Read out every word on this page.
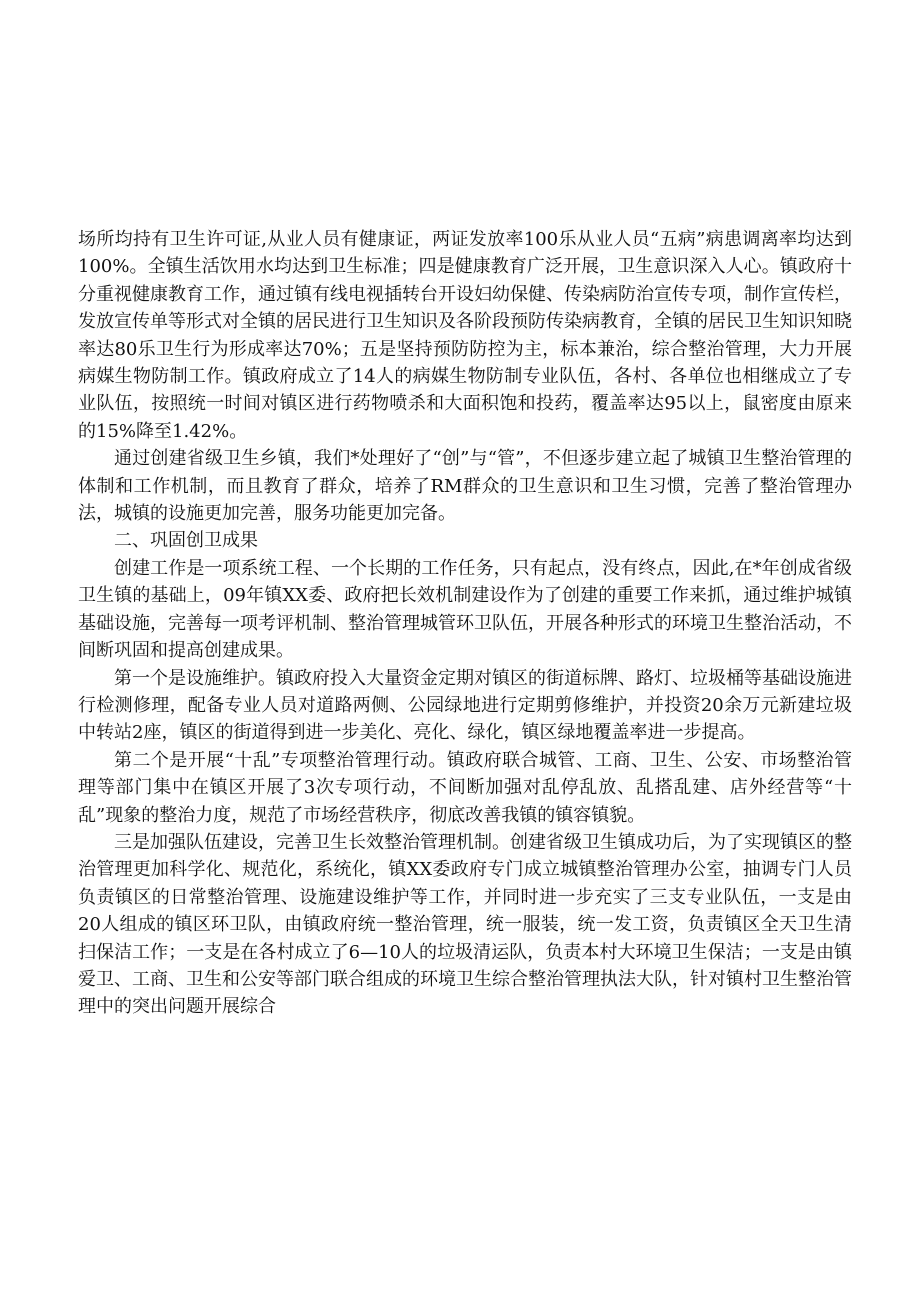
场所均持有卫生许可证,从业人员有健康证，两证发放率100乐从业人员“五病”病患调离率均达到100%。全镇生活饮用水均达到卫生标准；四是健康教育广泛开展，卫生意识深入人心。镇政府十分重视健康教育工作，通过镇有线电视插转台开设妇幼保健、传染病防治宣传专项，制作宣传栏，发放宣传单等形式对全镇的居民进行卫生知识及各阶段预防传染病教育，全镇的居民卫生知识知晓率达80乐卫生行为形成率达70%；五是坚持预防防控为主，标本兼治，综合整治管理，大力开展病媒生物防制工作。镇政府成立了14人的病媒生物防制专业队伍，各村、各单位也相继成立了专业队伍，按照统一时间对镇区进行药物喷杀和大面积饱和投药，覆盖率达95以上，鼠密度由原来的15%降至1.42%。

通过创建省级卫生乡镇，我们*处理好了“创”与“管”，不但逐步建立起了城镇卫生整治管理的体制和工作机制，而且教育了群众，培养了RM群众的卫生意识和卫生习惯，完善了整治管理办法，城镇的设施更加完善，服务功能更加完备。

二、巩固创卫成果

创建工作是一项系统工程、一个长期的工作任务，只有起点，没有终点，因此,在*年创成省级卫生镇的基础上，09年镇XX委、政府把长效机制建设作为了创建的重要工作来抓，通过维护城镇基础设施，完善每一项考评机制、整治管理城管环卫队伍，开展各种形式的环境卫生整治活动，不间断巩固和提高创建成果。

第一个是设施维护。镇政府投入大量资金定期对镇区的街道标牌、路灯、垃圾桶等基础设施进行检测修理，配备专业人员对道路两侧、公园绿地进行定期剪修维护，并投资20余万元新建垃圾中转站2座，镇区的街道得到进一步美化、亮化、绿化，镇区绿地覆盖率进一步提高。

第二个是开展“十乱”专项整治管理行动。镇政府联合城管、工商、卫生、公安、市场整治管理等部门集中在镇区开展了3次专项行动，不间断加强对乱停乱放、乱搭乱建、店外经营等“十乱”现象的整治力度，规范了市场经营秩序，彻底改善我镇的镇容镇貌。

三是加强队伍建设，完善卫生长效整治管理机制。创建省级卫生镇成功后，为了实现镇区的整治管理更加科学化、规范化，系统化，镇XX委政府专门成立城镇整治管理办公室，抽调专门人员负责镇区的日常整治管理、设施建设维护等工作，并同时进一步充实了三支专业队伍，一支是由20人组成的镇区环卫队，由镇政府统一整治管理，统一服装，统一发工资，负责镇区全天卫生清扫保洁工作；一支是在各村成立了6—10人的垃圾清运队，负责本村大环境卫生保洁；一支是由镇爱卫、工商、卫生和公安等部门联合组成的环境卫生综合整治管理执法大队，针对镇村卫生整治管理中的突出问题开展综合
